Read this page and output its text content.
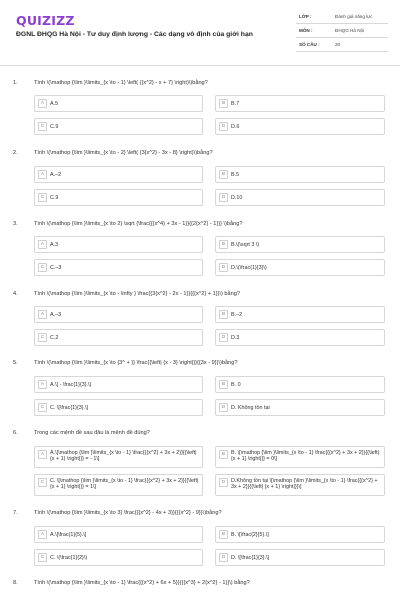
QUIZIZZ
ĐGNL ĐHQG Hà Nội - Tư duy định lượng - Các dạng vô định của giới hạn
LỚP :	Đánh giá năng lực
MÔN :	ĐHQG Hà Nội
SỐ CÂU :	20
1.	Tính \(\mathop {\lim }\limits_{x \to - 1} \left( {{x^2} - x + 7} \right)\)bằng?
A	A.5	B	B.7
C	C.9	D	D.6
2.	Tính \(\mathop {\lim }\limits_{x \to - 2} \left( {3{x^2} - 3x - 8} \right)\)bằng?
A	A.–2	B	B.5
C	C.9	D	D.10
3.	Tính \(\mathop {\lim }\limits_{x \to 2} \sqrt {\frac{{{x^4} + 3x - 1}}{{2{x^2} - 1}}} \)bằng?
A	A.3	B	B.\(\sqrt 3 \)
C	C.–3	D	D.\(\frac{1}{3}\)
4.	Tính \(\mathop {\lim }\limits_{x \to - \infty } \frac{{3{x^2} - 2x - 1}}{{{x^2} + 1}}\) bằng?
A	A.–3	B	B.–2
C	C.2	D	D.3
5.	Tính \(\mathop {\lim }\limits_{x \to {3^ + }} \frac{{\left| {x - 3} \right|}}{{3x - 9}}\)bằng?
A	A.\[ - \frac{1}{3}.\]	B	B. 0
C	C. \[\frac{1}{3}.\]	D	D. Không tồn tại
6.	Trong các mệnh đề sau đâu là mệnh đề đúng?
A	A.\[\mathop {\lim }\limits_{x \to - 1} \frac{{{x^2} + 3x + 2}}{{\left| {x + 1} \right|}} = - 1\]
B	B. \[\mathop {\lim }\limits_{x \to - 1} \frac{{{x^2} + 3x + 2}}{{\left| {x + 1} \right|}} = 0\]
C	C. \[\mathop {\lim }\limits_{x \to - 1} \frac{{{x^2} + 3x + 2}}{{\left| {x + 1} \right|}} = 1\]
D	D.Không tồn tại \[\mathop {\lim }\limits_{x \to - 1} \frac{{{x^2} + 3x + 2}}{{\left| {x + 1} \right|}}\]
7.	Tính \(\mathop {\lim }\limits_{x \to 3} \frac{{{x^2} - 4x + 3}}{{{x^2} - 9}}\)bằng?
A	A.\[\frac{1}{5}.\]	B	B. \[\frac{2}{5}.\]
C	C. \(\frac{1}{2}\)	D	D. \[\frac{1}{3}.\]
8.	Tính \(\mathop {\lim }\limits_{x \to - 1} \frac{{{x^2} + 6x + 5}}{{{x^3} + 2{x^2} - 1}}\) bằng?
